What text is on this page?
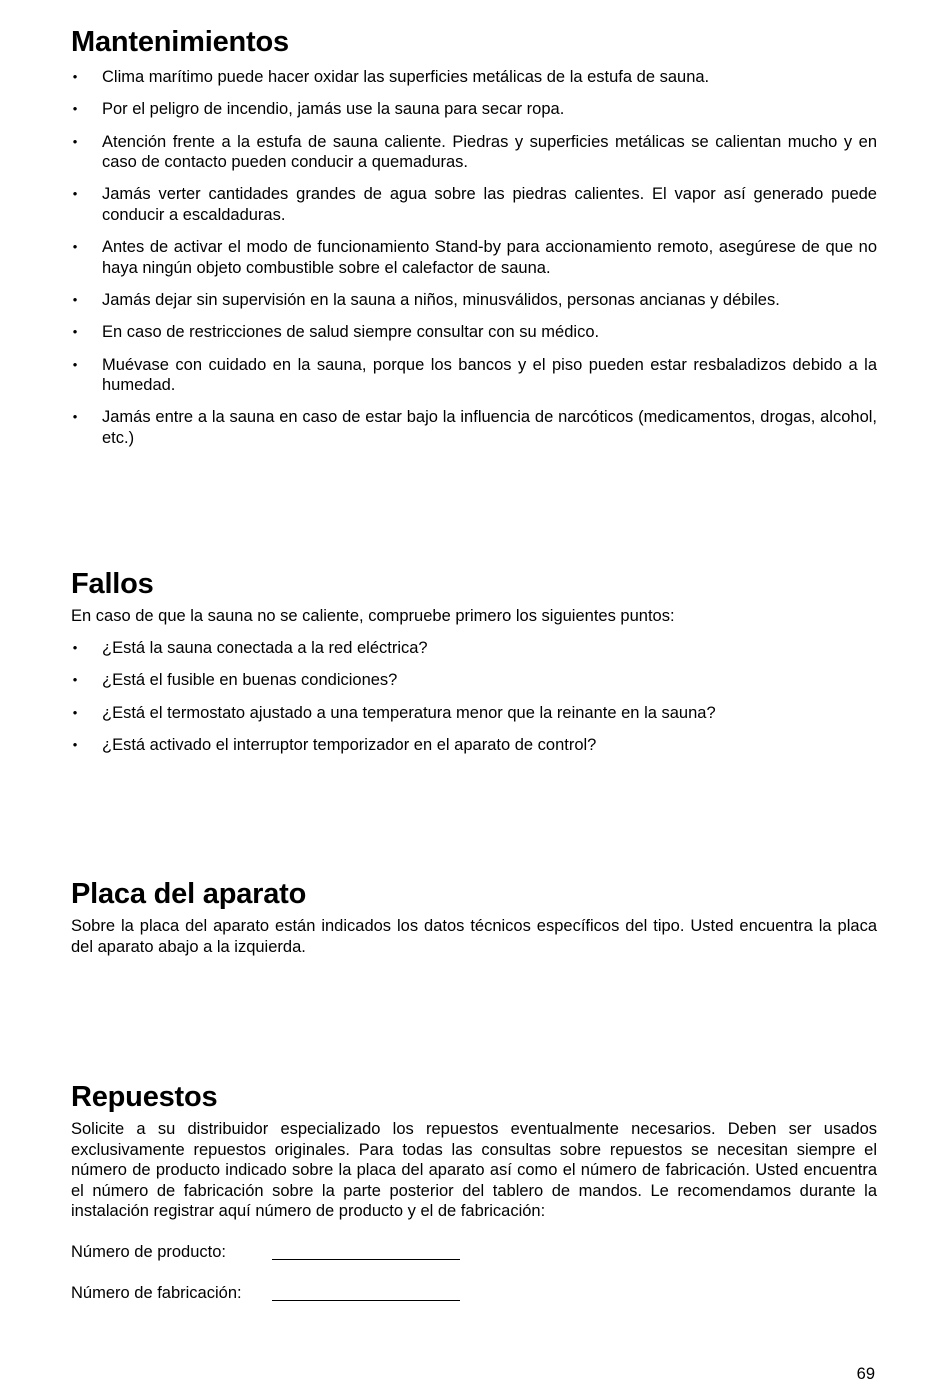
Mantenimientos
• Clima marítimo puede hacer oxidar las superficies metálicas de la estufa de sauna.
• Por el peligro de incendio, jamás use la sauna para secar ropa.
• Atención frente a la estufa de sauna caliente. Piedras y superficies metálicas se calientan mucho y en caso de contacto pueden conducir a quemaduras.
• Jamás verter cantidades grandes de agua sobre las piedras calientes. El vapor así generado puede conducir a escaldaduras.
• Antes de activar el modo de funcionamiento Stand-by para accionamiento remoto, asegúrese de que no haya ningún objeto combustible sobre el calefactor de sauna.
• Jamás dejar sin supervisión en la sauna a niños, minusválidos, personas ancianas y débiles.
• En caso de restricciones de salud siempre consultar con su médico.
• Muévase con cuidado en la sauna, porque los bancos y el piso pueden estar resbaladizos debido a la humedad.
• Jamás entre a la sauna en caso de estar bajo la influencia de narcóticos (medicamentos, drogas, alcohol, etc.)
Fallos

En caso de que la sauna no se caliente, compruebe primero los siguientes puntos:

• ¿Está la sauna conectada a la red eléctrica?
• ¿Está el fusible en buenas condiciones?
• ¿Está el termostato ajustado a una temperatura menor que la reinante en la sauna?
• ¿Está activado el interruptor temporizador en el aparato de control?
Placa del aparato

Sobre la placa del aparato están indicados los datos técnicos específicos del tipo. Usted encuentra la placa del aparato abajo a la izquierda.

Repuestos

Solicite a su distribuidor especializado los repuestos eventualmente necesarios. Deben ser usados exclusivamente repuestos originales. Para todas las consultas sobre repuestos se necesitan siempre el número de producto indicado sobre la placa del aparato así como el número de fabricación. Usted encuentra el número de fabricación sobre la parte posterior del tablero de mandos. Le recomendamos durante la instalación registrar aquí número de producto y el de fabricación:

Número de producto:
Número de fabricación:
69
